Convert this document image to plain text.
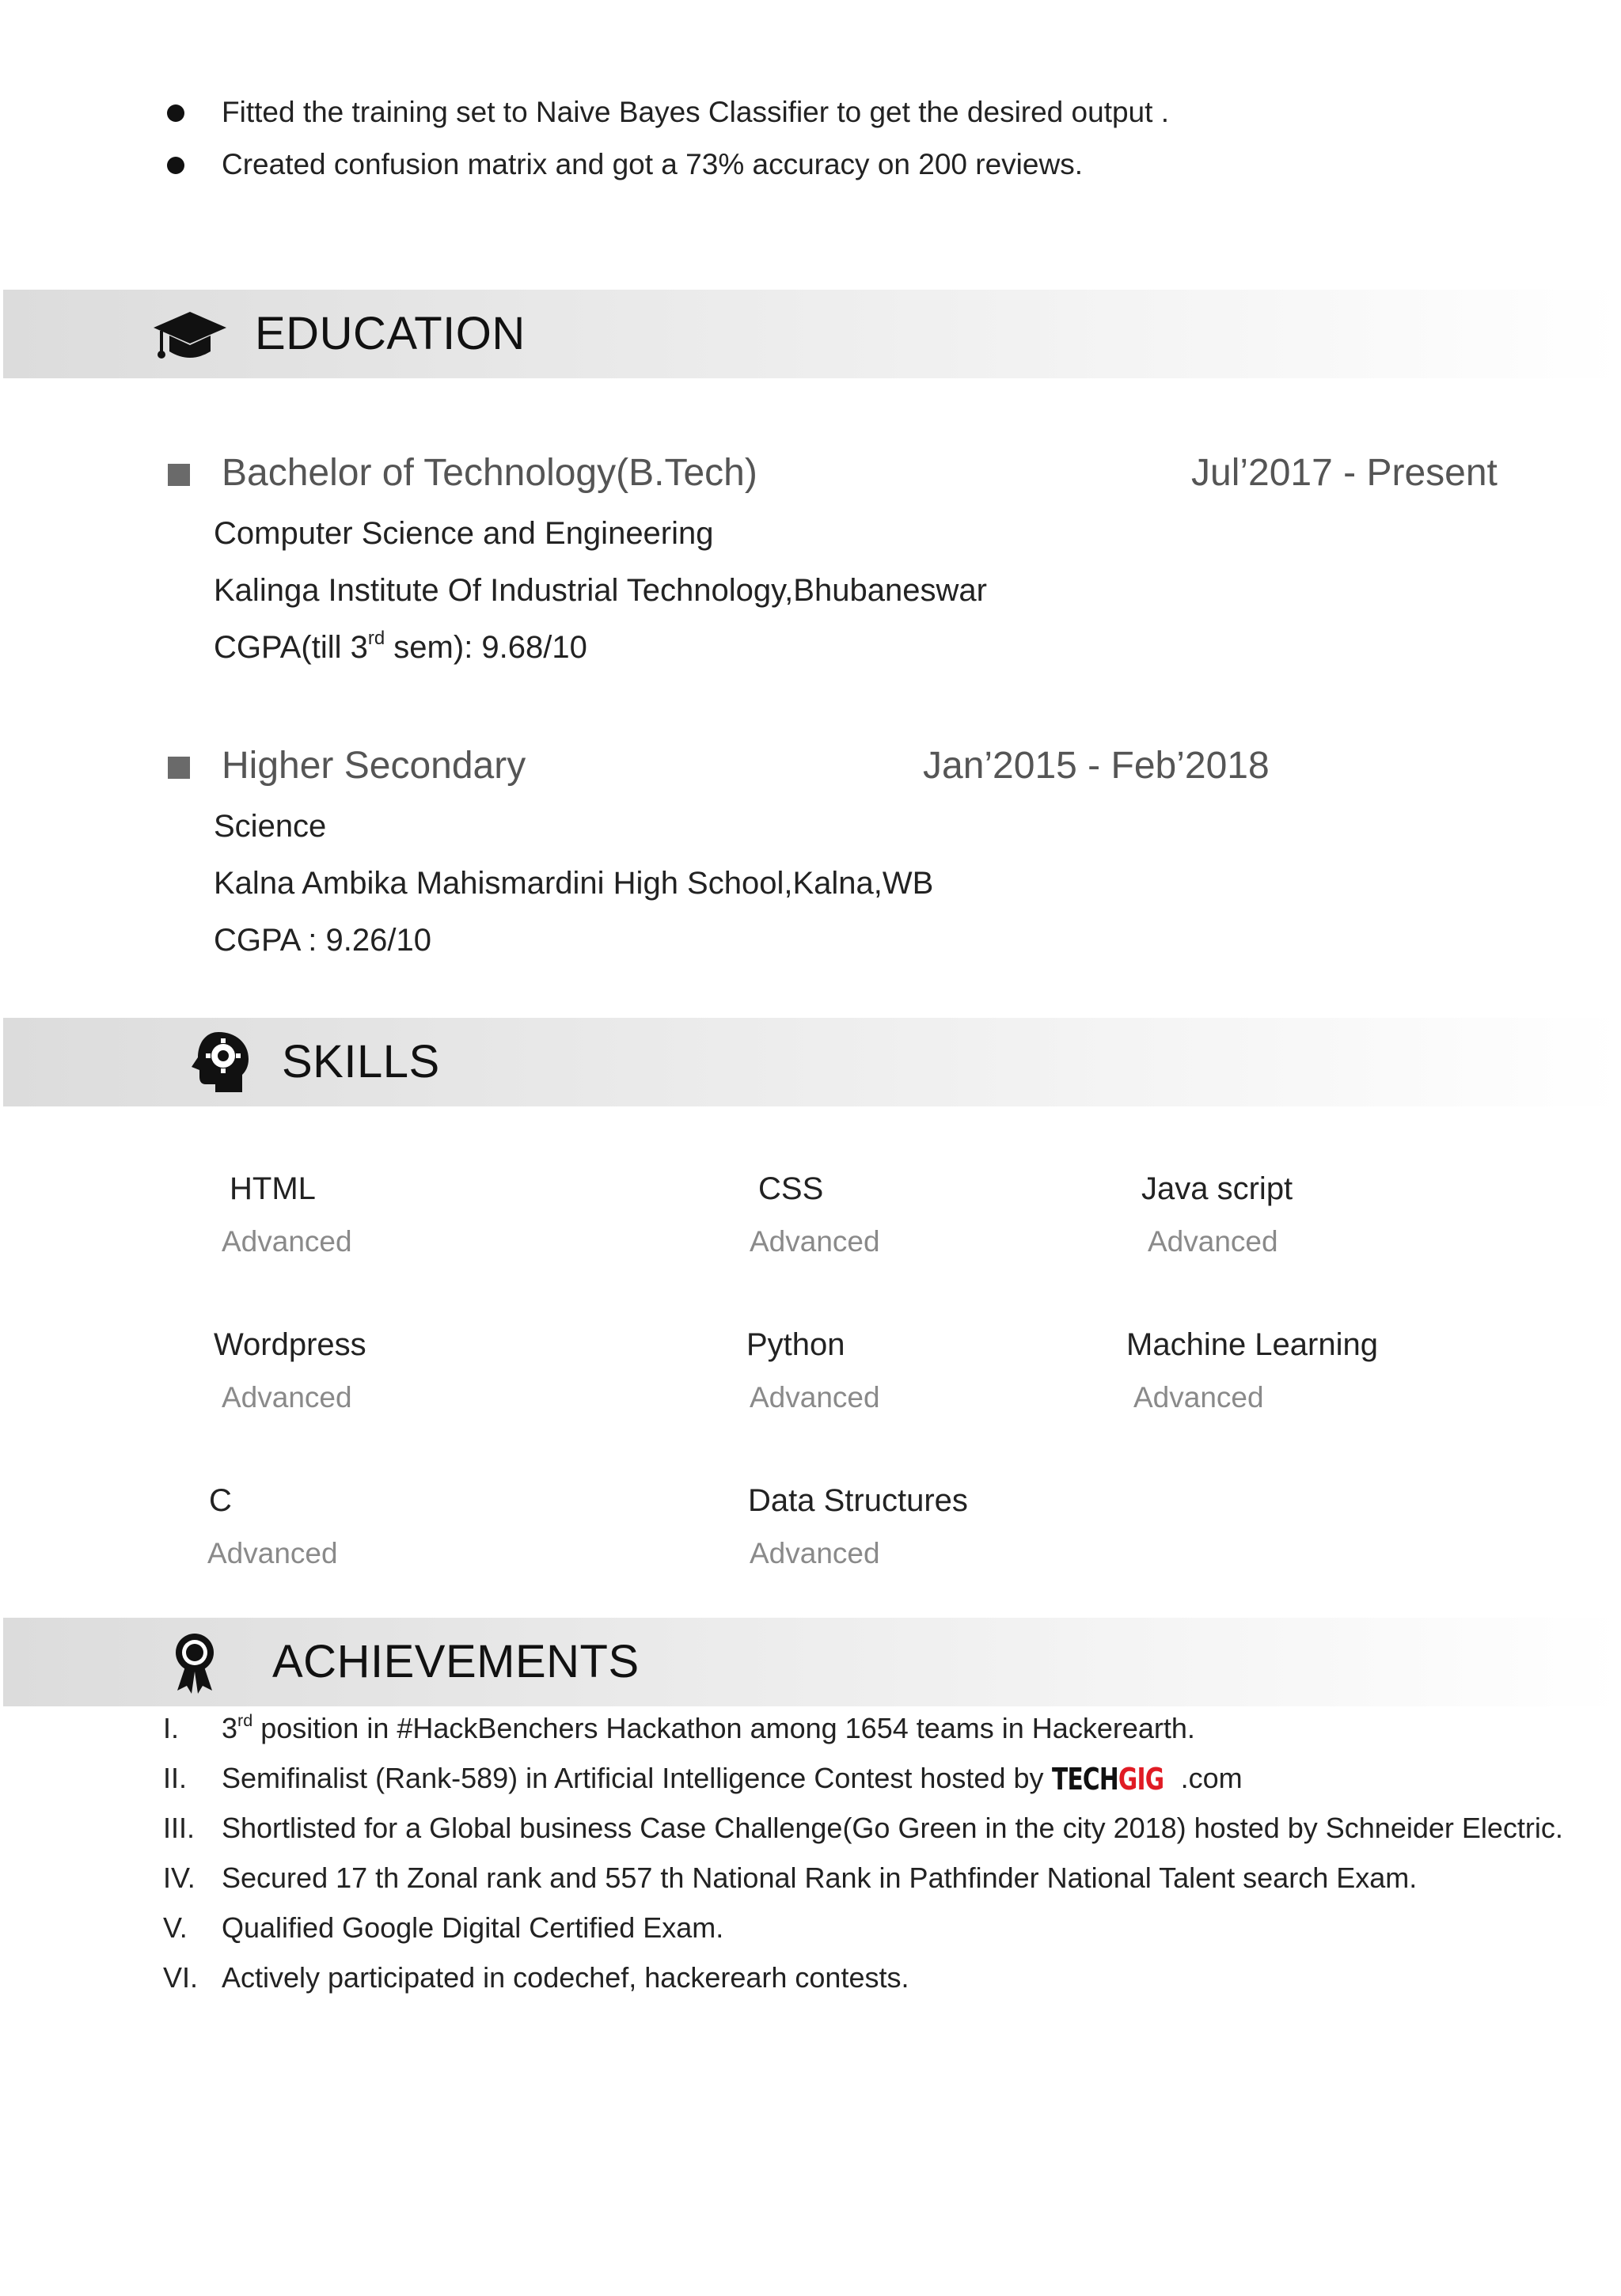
Fitted the training set to Naive Bayes Classifier to get the desired output .
Created confusion matrix and got a 73% accuracy on 200 reviews.
EDUCATION
Bachelor of Technology(B.Tech)	Jul’2017 - Present
Computer Science and Engineering
Kalinga Institute Of Industrial Technology,Bhubaneswar
CGPA(till 3rd sem): 9.68/10
Higher Secondary	Jan’2015 - Feb’2018
Science
Kalna Ambika Mahismardini High School,Kalna,WB
CGPA : 9.26/10
SKILLS
HTML
Advanced
CSS
Advanced
Java script
Advanced
Wordpress
Advanced
Python
Advanced
Machine Learning
Advanced
C
Advanced
Data Structures
Advanced
ACHIEVEMENTS
I. 3rd position in #HackBenchers Hackathon among 1654 teams in Hackerearth.
II. Semifinalist (Rank-589) in Artificial Intelligence Contest hosted by TECHGIG .com
III. Shortlisted for a Global business Case Challenge(Go Green in the city 2018) hosted by Schneider Electric.
IV. Secured 17 th Zonal rank and 557 th National Rank in Pathfinder National Talent search Exam.
V. Qualified Google Digital Certified Exam.
VI. Actively participated in codechef, hackerearh contests.
